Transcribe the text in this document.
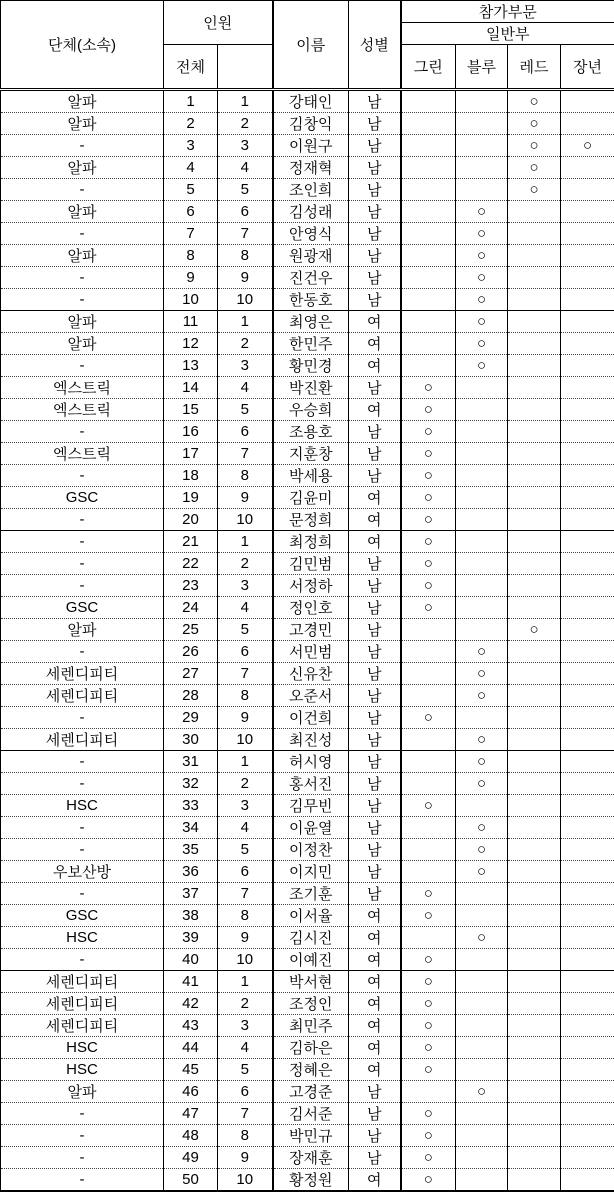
단체(소속)	인원		이름	성별	참가부문			
					일반부			
	전체				그린	블루	레드	장년
알파	1	1	강태인	남			○	
알파	2	2	김창익	남			○	
-	3	3	이원구	남			○	○
알파	4	4	정재혁	남			○	
-	5	5	조인희	남			○	
알파	6	6	김성래	남		○		
-	7	7	안영식	남		○		
알파	8	8	원광재	남		○		
-	9	9	진건우	남		○		
-	10	10	한동호	남		○		
알파	11	1	최영은	여		○		
알파	12	2	한민주	여		○		
-	13	3	황민경	여		○		
엑스트릭	14	4	박진환	남	○			
엑스트릭	15	5	우승희	여	○			
-	16	6	조용호	남	○			
엑스트릭	17	7	지훈창	남	○			
-	18	8	박세용	남	○			
GSC	19	9	김윤미	여	○			
-	20	10	문정희	여	○			
-	21	1	최정희	여	○			
-	22	2	김민범	남	○			
-	23	3	서정하	남	○			
GSC	24	4	정인호	남	○			
알파	25	5	고경민	남			○	
-	26	6	서민범	남		○		
세렌디피티	27	7	신유찬	남		○		
세렌디피티	28	8	오준서	남		○		
-	29	9	이건희	남	○			
세렌디피티	30	10	최진성	남		○		
-	31	1	허시영	남		○		
-	32	2	홍서진	남		○		
HSC	33	3	김무빈	남	○			
-	34	4	이윤열	남		○		
-	35	5	이정찬	남		○		
우보산방	36	6	이지민	남		○		
-	37	7	조기훈	남	○			
GSC	38	8	이서율	여	○			
HSC	39	9	김시진	여		○		
-	40	10	이예진	여	○			
세렌디피티	41	1	박서현	여	○			
세렌디피티	42	2	조정인	여	○			
세렌디피티	43	3	최민주	여	○			
HSC	44	4	김하은	여	○			
HSC	45	5	정혜은	여	○			
알파	46	6	고경준	남		○		
-	47	7	김서준	남	○			
-	48	8	박민규	남	○			
-	49	9	장재훈	남	○			
-	50	10	황정원	여	○			
